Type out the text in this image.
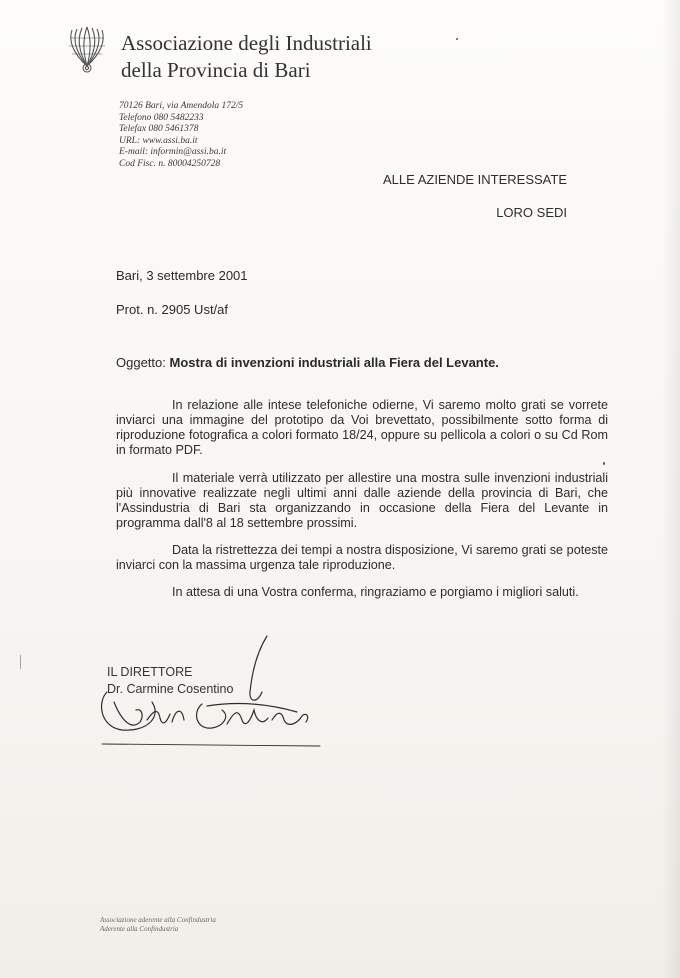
Associazione degli Industriali
della Provincia di Bari
70126 Bari, via Amendola 172/5
Telefono 080 5482233
Telefax 080 5461378
URL: www.assi.ba.it
E-mail: informin@assi.ba.it
Cod Fisc. n. 80004250728
ALLE AZIENDE INTERESSATE
LORO SEDI
Bari, 3 settembre 2001
Prot. n. 2905 Ust/af
Oggetto: Mostra di invenzioni industriali alla Fiera del Levante.
In relazione alle intese telefoniche odierne, Vi saremo molto grati se vorrete inviarci una immagine del prototipo da Voi brevettato, possibilmente sotto forma di riproduzione fotografica a colori formato 18/24, oppure su pellicola a colori o su Cd Rom in formato PDF.
Il materiale verrà utilizzato per allestire una mostra sulle invenzioni industriali più innovative realizzate negli ultimi anni dalle aziende della provincia di Bari, che l'Assindustria di Bari sta organizzando in occasione della Fiera del Levante in programma dall'8 al 18 settembre prossimi.
Data la ristrettezza dei tempi a nostra disposizione, Vi saremo grati se poteste inviarci con la massima urgenza tale riproduzione.
In attesa di una Vostra conferma, ringraziamo e porgiamo i migliori saluti.
IL DIRETTORE
Dr. Carmine Cosentino
Associazione aderente alla Confindustria
Aderente alla Confindustria
